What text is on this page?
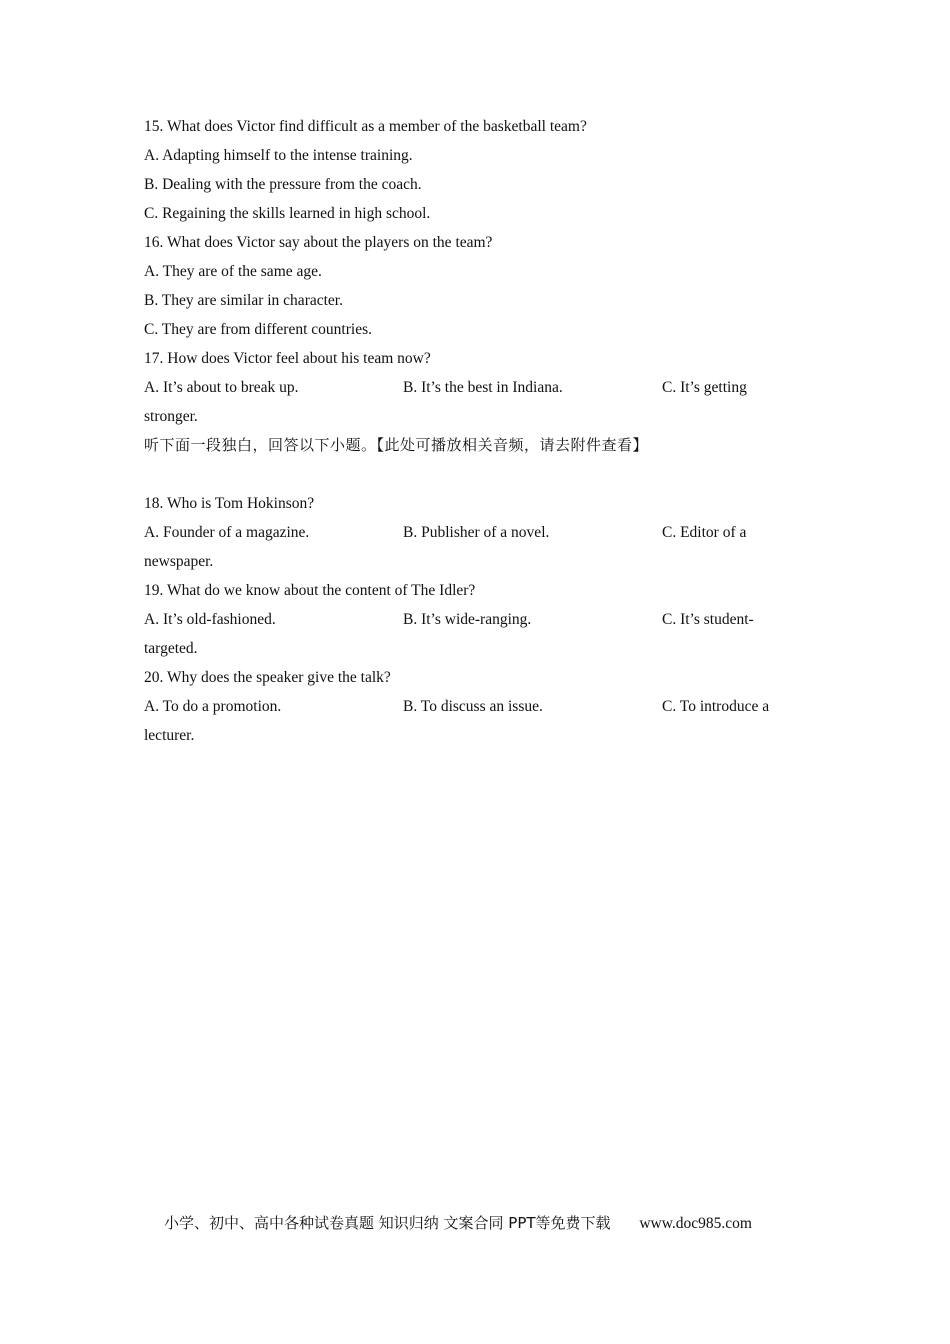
15. What does Victor find difficult as a member of the basketball team?
A. Adapting himself to the intense training.
B. Dealing with the pressure from the coach.
C. Regaining the skills learned in high school.
16. What does Victor say about the players on the team?
A. They are of the same age.
B. They are similar in character.
C. They are from different countries.
17. How does Victor feel about his team now?
A. It’s about to break up.	B. It’s the best in Indiana.	C. It’s getting
stronger.
听下面一段独白，回答以下小题。【此处可播放相关音频，请去附件查看】
18. Who is Tom Hokinson?
A. Founder of a magazine.	B. Publisher of a novel.	C. Editor of a
newspaper.
19. What do we know about the content of The Idler?
A. It’s old-fashioned.	B. It’s wide-ranging.	C. It’s student-
targeted.
20. Why does the speaker give the talk?
A. To do a promotion.	B. To discuss an issue.	C. To introduce a
lecturer.
小学、初中、高中各种试卷真题 知识归纳 文案合同 PPT等免费下载 www.doc985.com
